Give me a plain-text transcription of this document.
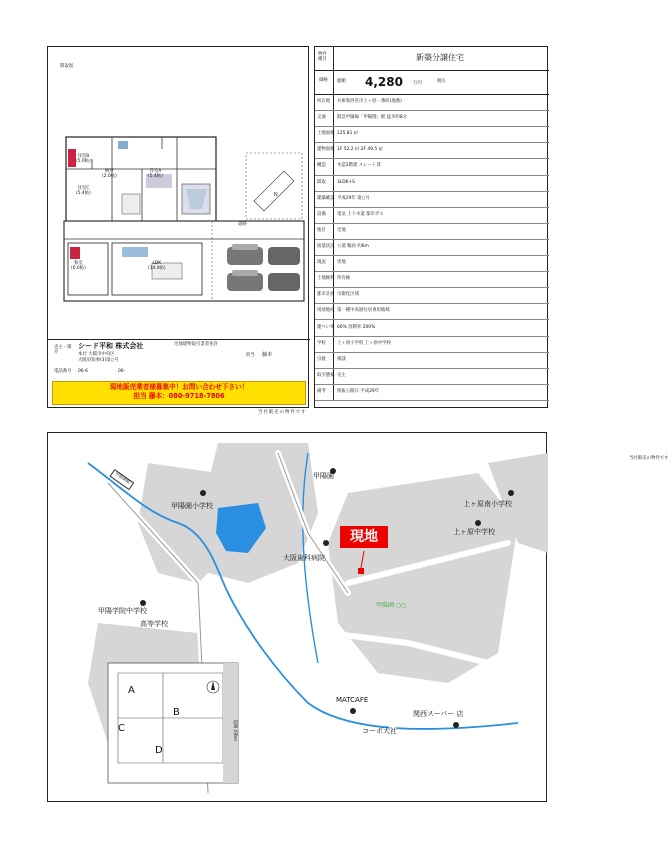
間取図
洋室B
(5.0帖)
納戸
(2.0帖)
洋室A
(5.4帖)
洋室C
(5.4帖)	N
和室
(6.0帖)
LDK
(14.0帖)
道路
売主・媒介
シード平和 株式会社
本社 大阪市中央区
大阪府知事(3)第○号
電話番号 06-6	06-
宅地建物取引業者免許
担当 藤本
現地販売業者様募集中！お問い合わせ下さい！
担当 藤本：080-9718-7806
物件種目	新築分譲住宅
価格 総額 4,280 万円	税込
所在地	兵庫県西宮市上ヶ原一番町(地番)
交通	阪急甲陽線「甲陽園」駅 徒歩約8分
土地面積 125.81 ㎡
建物面積 1F 52.2 ㎡ 2F 49.5 ㎡
構造	木造2階建 スレート葺
間取	3LDK+S
建築確認 平成29年 第○号
設備	電気 上下水道 都市ガス
地目	宅地
接道状況 公道 幅員 約6m
現況	更地
土地権利 所有権
都市計画 市街化区域
用途地域 第一種中高層住居専用地域
建ぺい率 60% 容積率 200%
学校	上ヶ原小学校 上ヶ原中学校
引渡	相談
取引態様 売主
備考	情報公開日 平成29年
当社販売の物件です
当社販売の物件です
甲陽園
甲陽園小学校
甲陽園 ○○
上ヶ原南小学校
上ヶ原中学校
大阪歯科病院
甲陽学院中学校
高等学校
MATCAFE
関西スーパー 店
コーポ大社
甲陽園駅
現地
A
B
C
D
道路 約6m
